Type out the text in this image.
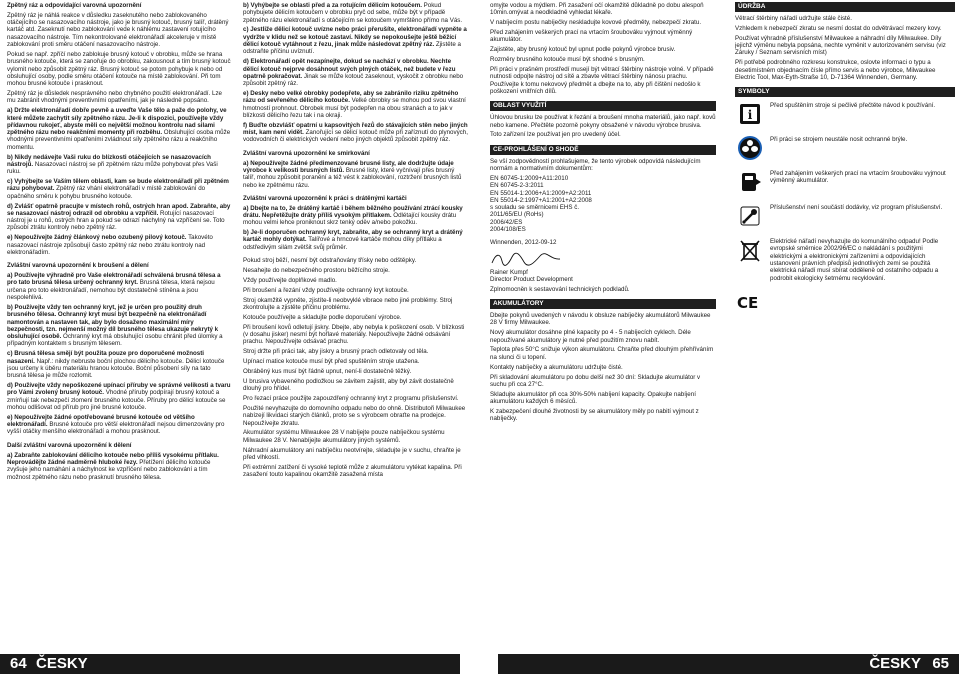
Zpětný ráz a odpovídající varovná upozornění

Zpětný ráz je náhlá reakce v důsledku zaseknutého nebo zablokovaného otáčejícího se nasazovacího nástroje, jako je brusný kotouč, brusný talíř, drátěný kartáč atd. Zaseknutí nebo zablokování vede k náhlému zastavení rotujícího nasazovacího nástroje. Tím nekontrolované elektronářadí akceleruje v místě zablokování proti směru otáčení nasazovacího nástroje.

Pokud se např. zpříčí nebo zablokuje brusný kotouč v obrobku, může se hrana brusného kotouče, která se zanořuje do obrobku, zakousnout a tím brusný kotouč vylomit nebo způsobit zpětný ráz. Brusný kotouč se potom pohybuje k nebo od obsluhující osoby, podle směru otáčení kotouče na místě zablokování. Při tom mohou brusné kotouče i prasknout.

Zpětný ráz je důsledek nesprávného nebo chybného použití elektronářadí. Lze mu zabránit vhodnými preventivními opatřeními, jak je následně popsáno.

a) Držte elektronářadí dobře pevně a uveďte Vaše tělo a paže do polohy, ve které můžete zachytit síly zpětného rázu. Je-li k dispozici, používejte vždy přídavnou rukojeť, abyste měli co největší možnou kontrolu nad silami zpětného rázu nebo reakčními momenty při rozběhu. Obsluhující osoba může vhodnými preventivními opatřeními zvládnout síly zpětného rázu a reakčního momentu.

b) Nikdy nedávejte Vaši ruku do blízkosti otáčejících se nasazovacích nástrojů. Nasazovací nástroj se při zpětném rázu může pohybovat přes Vaši ruku.

c) Vyhýbejte se Vaším tělem oblasti, kam se bude elektronářadí při zpětném rázu pohybovat. Zpětný ráz vhání elektronářadí v místě zablokování do opačného směru k pohybu brusného kotouče.

d) Zvlášť opatrně pracujte v místech rohů, ostrých hran apod. Zabraňte, aby se nasazovací nástroj odrazil od obrobku a vzpříčil. Rotující nasazovací nástroj je u rohů, ostrých hran a pokud se odrazí náchylný na vzpříčení se. Toto způsobí ztrátu kontroly nebo zpětný ráz.

e) Nepoužívejte žádný článkový nebo ozubený pilový kotouč. Takovéto nasazovací nástroje způsobují často zpětný ráz nebo ztrátu kontroly nad elektronářadím.

Zvláštní varovná upozornění k broušení a dělení

a) Používejte výhradně pro Vaše elektronářadí schválená brusná tělesa a pro tato brusná tělesa určený ochranný kryt. Brusná tělesa, která nejsou určena pro toto elektronářadí, nemohou být dostatečně stíněna a jsou nespolehlivá.

b) Používejte vždy ten ochranný kryt, jež je určen pro použitý druh brusného tělesa. Ochranný kryt musí být bezpečně na elektronářadí namontován a nastaven tak, aby bylo dosaženo maximální míry bezpečnosti, tzn. nejmenší možný díl brusného tělesa ukazuje nekrytý k obsluhující osobě. Ochranný kryt má obsluhující osobu chránit před úlomky a případným kontaktem s brusným tělesem.

c) Brusná tělesa smějí být použita pouze pro doporučené možnosti nasazení. Např.: nikdy nebruste boční plochou dělicího kotouče. Dělicí kotouče jsou určeny k úběru materiálu hranou kotouče. Boční působení síly na tato brusná tělesa je může rozlomit.

d) Používejte vždy nepoškozené upínací příruby ve správné velikosti a tvaru pro Vámi zvolený brusný kotouč. Vhodné příruby podpírají brusný kotouč a zmírňují tak nebezpečí zlomení brusného kotouče. Příruby pro dělicí kotouče se mohou odlišovat od přírub pro jiné brusné kotouče.

e) Nepoužívejte žádné opotřebované brusné kotouče od většího elektronářadí. Brusné kotouče pro větší elektronářadí nejsou dimenzovány pro vyšší otáčky menšího elektronářadí a mohou prasknout.

Další zvláštní varovná upozornění k dělení

a) Zabraňte zablokování dělicího kotouče nebo příliš vysokému přítlaku. Neprovádějte žádné nadměrně hluboké řezy. Přetížení dělicího kotouče zvyšuje jeho namáhání a náchylnost ke vzpříčení nebo zablokování a tím možnost zpětného rázu nebo prasknutí brusného tělesa.

b) Vyhýbejte se oblasti před a za rotujícím dělicím kotoučem. Pokud pohybujete dělicím kotoučem v obrobku pryč od sebe, může být v případě zpětného rázu elektronářadí s otáčejícím se kotoučem vymrštěno přímo na Vás.

c) Jestliže dělicí kotouč uvízne nebo práci přerušíte, elektronářadí vypněte a vydržte v klidu než se kotouč zastaví. Nikdy se nepokoušejte ještě běžící dělicí kotouč vytáhnout z řezu, jinak může následovat zpětný ráz. Zjistěte a odstraňte příčinu uvíznutí.

d) Elektronářadí opět nezapínejte, dokud se nachází v obrobku. Nechte dělicí kotouč nejprve dosáhnout svých plných otáček, než budete v řezu opatrně pokračovat. Jinak se může kotouč zaseknout, vyskočit z obrobku nebo způsobit zpětný ráz.

e) Desky nebo velké obrobky podepřete, aby se zabránilo riziku zpětného rázu od sevřeného dělicího kotouče. Velké obrobky se mohou pod svou vlastní hmotností prohnout. Obrobek musí být podepřen na obou stranách a to jak v blízkosti dělicího řezu tak i na okraji.

f) Buďte obzvlášť opatrní u kapsovitých řezů do stávajících stěn nebo jiných míst, kam není vidět. Zanořující se dělicí kotouč může při zaříznutí do plynových, vodovodních či elektrických vedení nebo jiných objektů způsobit zpětný ráz.

Zvláštní varovná upozornění ke smirkování

a) Nepoužívejte žádné předimenzované brusné listy, ale dodržujte údaje výrobce k velikosti brusných listů. Brusné listy, které vyčnívají přes brusný talíř, mohou způsobit poranění a též vést k zablokování, roztržení brusných listů nebo ke zpětnému rázu.

Zvláštní varovná upozornění k práci s drátěnými kartáči

a) Dbejte na to, že drátěný kartáč i během běžného používání ztrácí kousky drátu. Nepřetěžujte dráty příliš vysokým přítlakem. Odlétající kousky drátu mohou velmi lehce proniknout skrz tenký oděv a/nebo pokožku.

b) Je-li doporučen ochranný kryt, zabraňte, aby se ochranný kryt a drátěný kartáč mohly dotýkat. Talířové a hrncové kartáče mohou díky přítlaku a odstředivým silám zvětšit svůj průměr.

Pokud stroj běží, nesmí být odstraňovány třísky nebo odštěpky.

Nesahejte do nebezpečného prostoru běžícího stroje.

Vždy používejte doplňkové madlo.

Při broušení a řezání vždy používejte ochranný kryt kotouče.

Stroj okamžitě vypněte, zjistíte-li neobvyklé vibrace nebo jiné problémy. Stroj zkontrolujte a zjistěte příčinu problému.

Kotouče používejte a skladujte podle doporučení výrobce.

Při broušení kovů odletují jiskry. Dbejte, aby nebyla k poškození osob. V blízkosti (v dosahu jisker) nesmí být hořlavé materiály. Nepoužívejte žádné odsávání prachu. Nepoužívejte odsávač prachu.

Stroj držte při práci tak, aby jiskry a brusný prach odletovaly od těla.

Upínací matice kotouče musí být před spuštěním stroje utažena.

Obráběný kus musí být řádně upnut, není-li dostatečně těžký.

U brusiva vybaveného podložkou se závitem zajistit, aby byl závit dostatečně dlouhý pro hřídel.

Pro řezací práce použijte zapouzdřený ochranný kryt z programu příslušenství.

Použité nevyhazujte do domovního odpadu nebo do ohně. Distributoři Milwaukee nabízejí likvidaci starých článků, proto se s výrobcem obraťte na prodejce. Nepoužívejte zkratu.

Akumulátor systému Milwaukee 28 V nabíjejte pouze nabíječkou systému Milwaukee 28 V. Nenabíjejte akumulátory jiných systémů.

Náhradní akumulátory ani nabíječku neotvírejte, skladujte je v suchu, chraňte je před vlhkostí.

Při extrémní zatížení či vysoké teplotě může z akumulátoru vytékat kapalina. Při zasažení touto kapalinou okamžitě zasažená místa

omyjte vodou a mýdlem. Při zasažení očí okamžitě důkladně po dobu alespoň 10min.omývat a neodkladně vyhledat lékaře.

V nabíjecím postu nabíječky neskladujte kovové předměty, nebezpečí zkratu.

Před zahájením veškerých prací na vrtacím šroubováku vyjmout výměnný akumulátor.

Zajistěte, aby brusný kotouč byl upnut podle pokynů výrobce brusiv.

Rozměry brusného kotouče musí být shodné s brusným.

Při práci v prašném prostředí musejí být větrací štěrbiny nástroje volné. V případě nutnosti odpojte nástroj od sítě a zbavte větrací štěrbiny nánosu prachu. Používejte k tomu nekovový předmět a dbejte na to, aby při čištění nedošlo k poškození vnitřních dílů.

OBLAST VYUŽITÍ

Úhlovou brusku lze používat k řezání a broušení mnoha materiálů, jako např. kovů nebo kamene. Přečtěte pozorně pokyny obsažené v návodu výrobce brusiva.

Toto zařízení lze používat jen pro uvedený účel.

CE-PROHLÁŠENÍ O SHODĚ

Se vší zodpovědností prohlašujeme, že tento výrobek odpovídá následujícím normám a normativním dokumentům:

EN 60745-1:2009+A11:2010
EN 60745-2-3:2011
EN 55014-1:2006+A1:2009+A2:2011
EN 55014-2:1997+A1:2001+A2:2008
s souladu se směrnicemi EHS č.
2011/65/EU (RoHs)
2006/42/ES
2004/108/ES

Winnenden, 2012-09-12

Rainer Kumpf
Director Product Development

Zplnomocněn k sestavování technických podkladů.

AKUMULÁTORY

Dbejte pokynů uvedených v návodu k obsluze nabíječky akumulátorů Milwaukee 28 V firmy Milwaukee.

Nový akumulátor dosáhne plné kapacity po 4 - 5 nabíjecích cyklech. Déle nepoužívané akumulátory je nutné před použitím znovu nabít.

Teplota přes 50°C snižuje výkon akumulátoru. Chraňte před dlouhým přehříváním na slunci či u topení.

Kontakty nabíječky a akumulátoru udržujte čisté.

Při skladování akumulátoru po dobu delší než 30 dní: Skladujte akumulátor v suchu při cca 27°C.

Skladujte akumulátor při cca 30%-50% nabíjení kapacity. Opakujte nabíjení akumulátoru každých 6 měsíců.

K zabezpečení dlouhé životnosti by se akumulátory měly po nabití vyjmout z nabíječky.

ÚDRŽBA

Větrací štěrbiny nářadí udržujte stále čisté.

Vzhledem k nebezpečí zkratu se nesmí dostat do odvětrávací mezery kovy.

Používat výhradně příslušenství Milwaukee a náhradní díly Milwaukee. Díly jejichž výměnu nebyla popsána, nechte vyměnit v autorizovaném servisu (viz Záruky / Seznam servisních míst)

Při potřebě podrobného rozkresu konstrukce, oslovte informaci o typu a desetimístném objednacím čísle přímo servis a nebo výrobce, Milwaukee Electric Tool, Max-Eyth-Straße 10, D-71364 Winnenden, Germany.

SYMBOLY
i
Před spuštěním stroje si pečlivě přečtěte návod k používání.
Při práci se strojem neustále nosit ochranné brýle.
Před zahájením veškerých prací na vrtacím šroubováku vyjmout výměnný akumulátor.
Příslušenství není součástí dodávky, viz program příslušenství.
Elektrické nářadí nevyhazujte do komunálního odpadu! Podle evropské směrnice 2002/96/EC o nakládání s použitými elektrickými a elektronickými zařízeními a odpovídajících ustanovení právních předpisů jednotlivých zemí se použitá elektrická nářadí musí sbírat odděleně od ostatního odpadu a podrobit ekologicky šetrnému recyklování.
CE
64 ČESKY	ČESKY 65
